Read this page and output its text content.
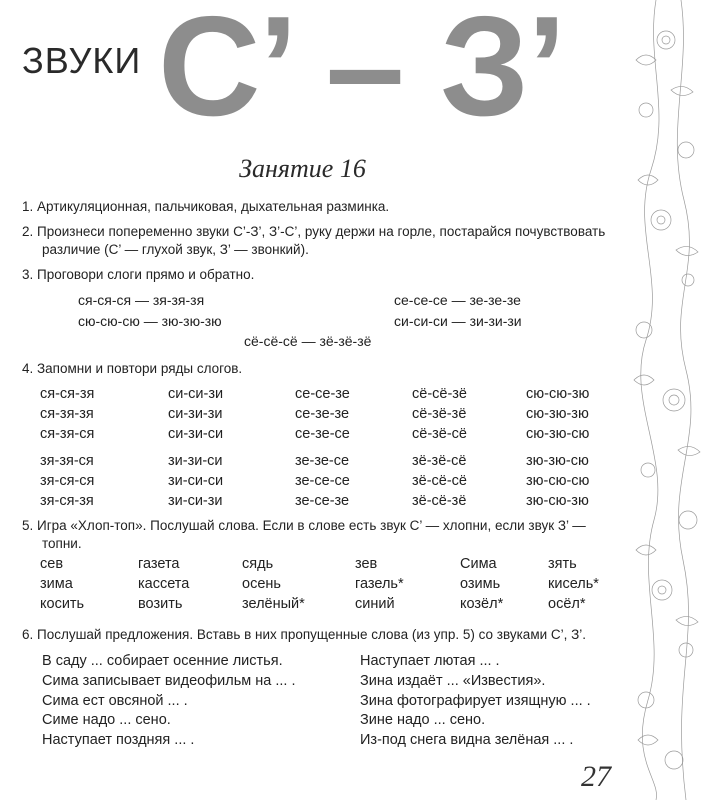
ЗВУКИ С’ – З’
Занятие 16
1. Артикуляционная, пальчиковая, дыхательная разминка.
2. Произнеси попеременно звуки С’-З’, З’-С’, руку держи на горле, постарайся почувствовать
различие (С’ — глухой звук, З’ — звонкий).
3. Проговори слоги прямо и обратно.
ся-ся-ся — зя-зя-зя	се-се-се — зе-зе-зе
сю-сю-сю — зю-зю-зю	си-си-си — зи-зи-зи
сё-сё-сё — зё-зё-зё
4. Запомни и повтори ряды слогов.
ся-ся-зя	си-си-зи	се-се-зе	сё-сё-зё	сю-сю-зю
ся-зя-зя	си-зи-зи	се-зе-зе	сё-зё-зё	сю-зю-зю
ся-зя-ся	си-зи-си	се-зе-се	сё-зё-сё	сю-зю-сю
зя-зя-ся	зи-зи-си	зе-зе-се	зё-зё-сё	зю-зю-сю
зя-ся-ся	зи-си-си	зе-се-се	зё-сё-сё	зю-сю-сю
зя-ся-зя	зи-си-зи	зе-се-зе	зё-сё-зё	зю-сю-зю
5. Игра «Хлоп-топ». Послушай слова. Если в слове есть звук С’ — хлопни, если звук З’ —
топни.
сев	газета	сядь	зев	Сима	зять
зима	кассета	осень	газель*	озимь	кисель*
косить	возить	зелёный*	синий	козёл*	осёл*
6. Послушай предложения. Вставь в них пропущенные слова (из упр. 5) со звуками С’, З’.
В саду ... собирает осенние листья.
Сима записывает видеофильм на ... .
Сима ест овсяной ... .
Симе надо ... сено.
Наступает поздняя ... .
Наступает лютая ... .
Зина издаёт ... «Известия».
Зина фотографирует изящную ... .
Зине надо ... сено.
Из-под снега видна зелёная ... .
27
